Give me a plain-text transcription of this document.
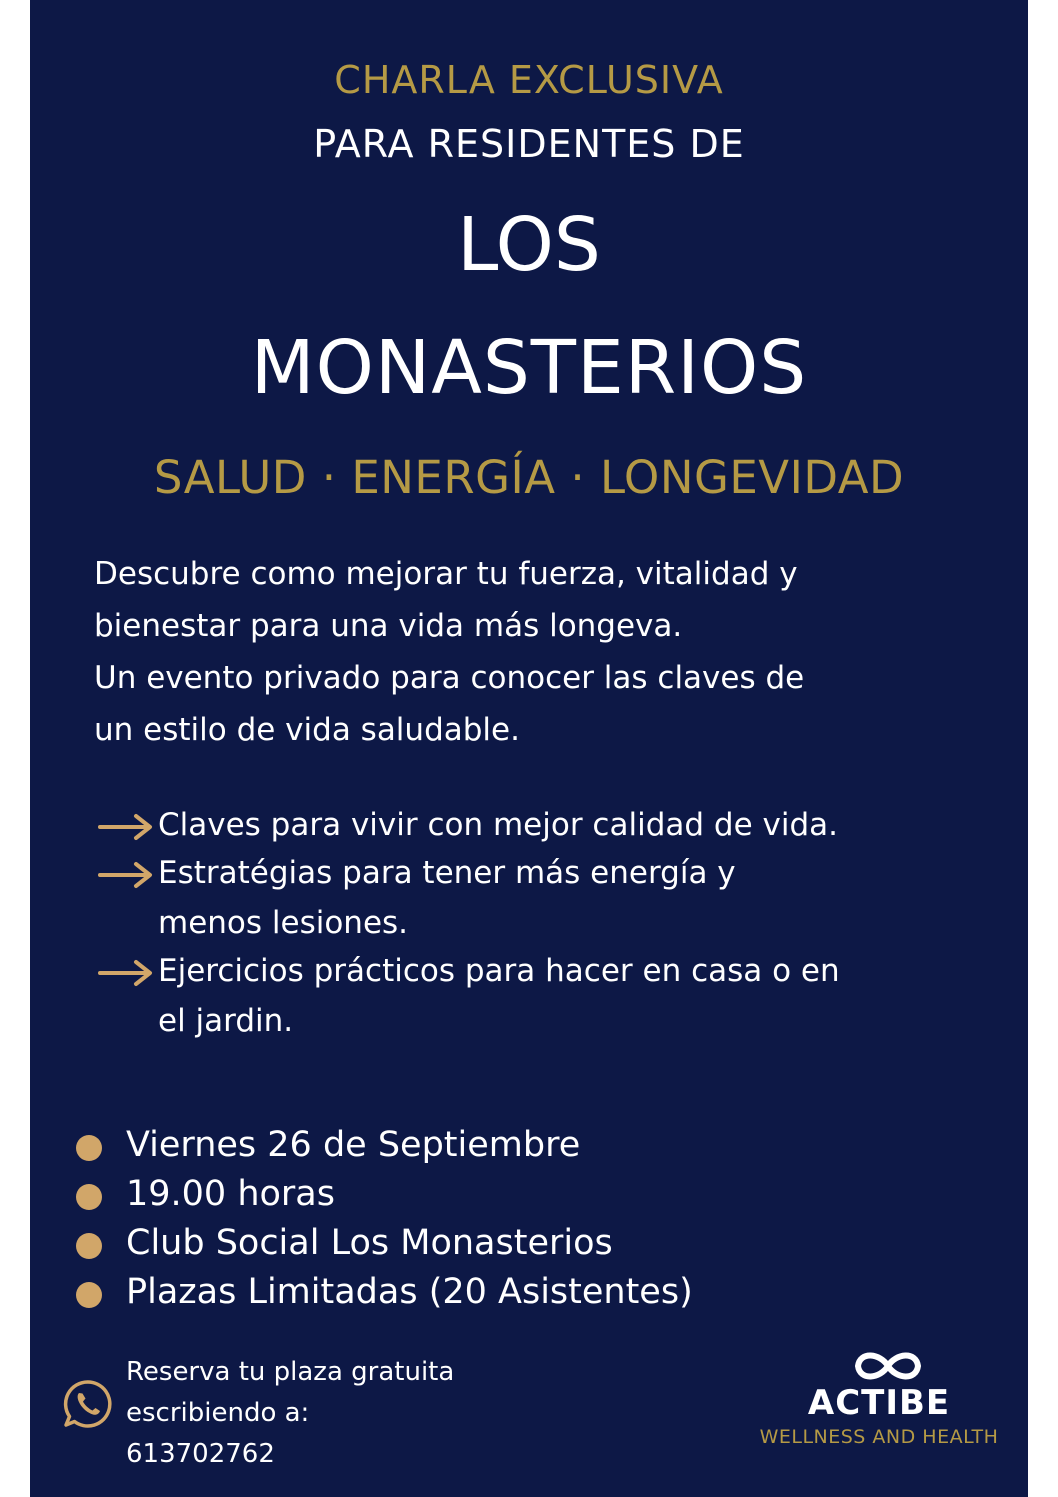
CHARLA EXCLUSIVA

PARA RESIDENTES DE

LOS

MONASTERIOS

SALUD · ENERGÍA · LONGEVIDAD

Descubre como mejorar tu fuerza, vitalidad y

bienestar para una vida más longeva.

Un evento privado para conocer las claves de

un estilo de vida saludable.

Claves para vivir con mejor calidad de vida.
Estratégias para tener más energía y
menos lesiones.
Ejercicios prácticos para hacer en casa o en
el jardin.
Viernes 26 de Septiembre
19.00 horas
Club Social Los Monasterios
Plazas Limitadas (20 Asistentes)

Reserva tu plaza gratuita

escribiendo a:

613702762

ACTIBE
WELLNESS AND HEALTH
